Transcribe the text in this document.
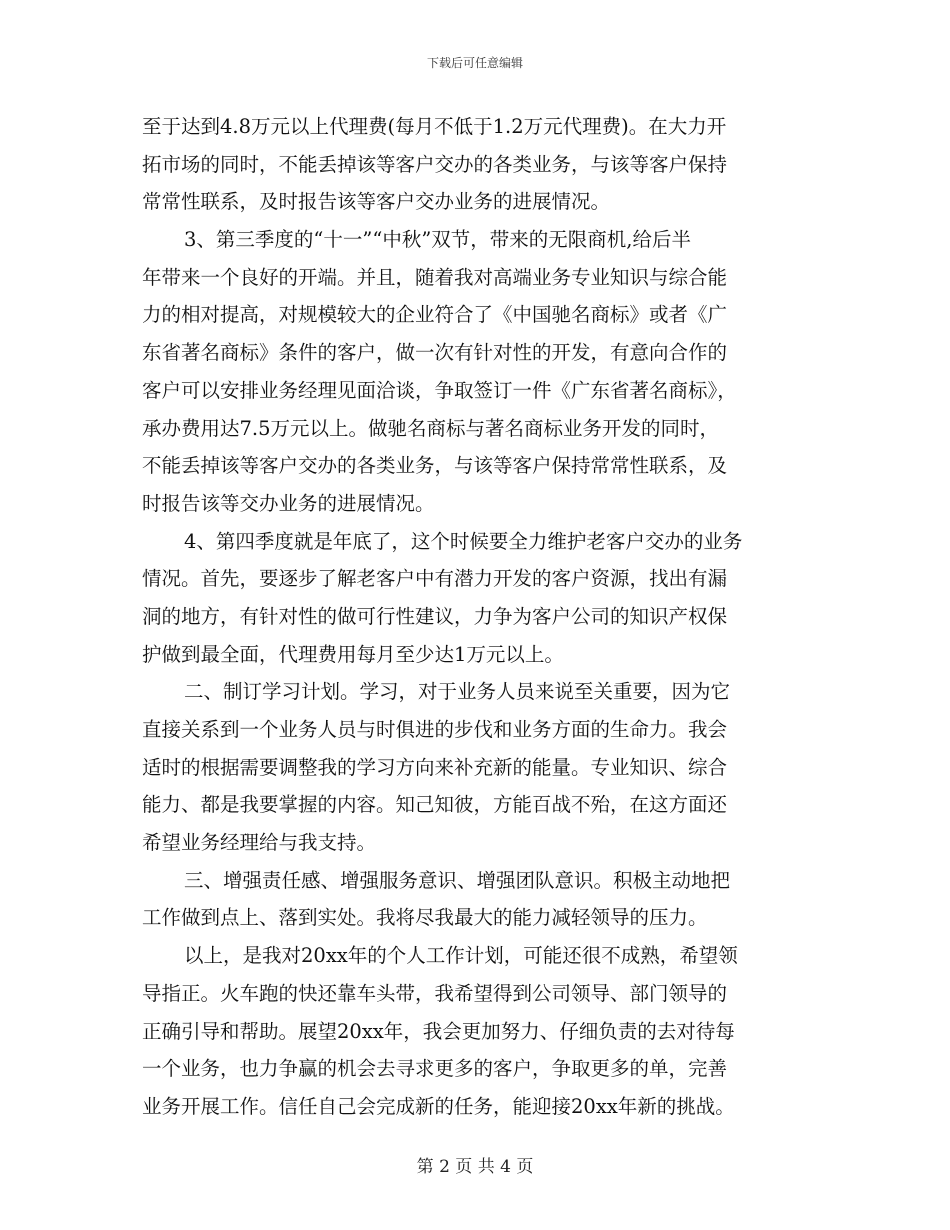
下载后可任意编辑
至于达到4.8万元以上代理费(每月不低于1.2万元代理费)。在大力开
拓市场的同时，不能丢掉该等客户交办的各类业务，与该等客户保持
常常性联系，及时报告该等客户交办业务的进展情况。
3、第三季度的“十一”“中秋”双节，带来的无限商机,给后半
年带来一个良好的开端。并且，随着我对高端业务专业知识与综合能
力的相对提高，对规模较大的企业符合了《中国驰名商标》或者《广
东省著名商标》条件的客户，做一次有针对性的开发，有意向合作的
客户可以安排业务经理见面洽谈，争取签订一件《广东省著名商标》，
承办费用达7.5万元以上。做驰名商标与著名商标业务开发的同时，
不能丢掉该等客户交办的各类业务，与该等客户保持常常性联系，及
时报告该等交办业务的进展情况。
4、第四季度就是年底了，这个时候要全力维护老客户交办的业务
情况。首先，要逐步了解老客户中有潜力开发的客户资源，找出有漏
洞的地方，有针对性的做可行性建议，力争为客户公司的知识产权保
护做到最全面，代理费用每月至少达1万元以上。
二、制订学习计划。学习，对于业务人员来说至关重要，因为它
直接关系到一个业务人员与时俱进的步伐和业务方面的生命力。我会
适时的根据需要调整我的学习方向来补充新的能量。专业知识、综合
能力、都是我要掌握的内容。知己知彼，方能百战不殆，在这方面还
希望业务经理给与我支持。
三、增强责任感、增强服务意识、增强团队意识。积极主动地把
工作做到点上、落到实处。我将尽我最大的能力减轻领导的压力。
以上，是我对20xx年的个人工作计划，可能还很不成熟，希望领
导指正。火车跑的快还靠车头带，我希望得到公司领导、部门领导的
正确引导和帮助。展望20xx年，我会更加努力、仔细负责的去对待每
一个业务，也力争赢的机会去寻求更多的客户，争取更多的单，完善
业务开展工作。信任自己会完成新的任务，能迎接20xx年新的挑战。
第 2 页 共 4 页
